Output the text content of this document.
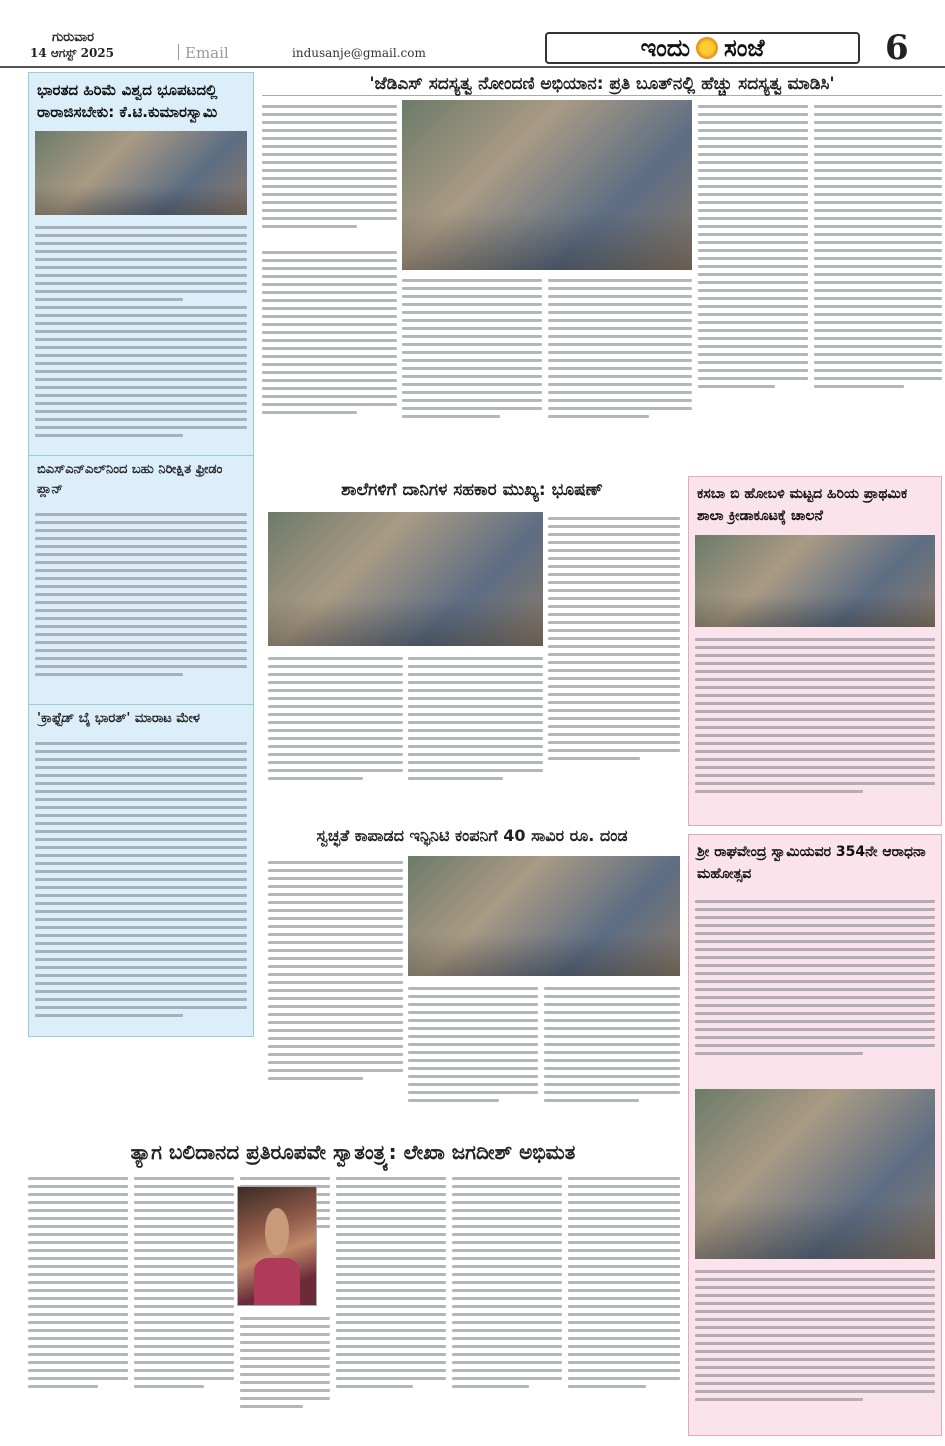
ಗುರುವಾರ
14 ಆಗಸ್ಟ್ 2025	Email	indusanje@gmail.com	ಇಂದು ಸಂಜೆ	6
ಭಾರತದ ಹಿರಿಮೆ ವಿಶ್ವದ ಭೂಪಟದಲ್ಲಿ ರಾರಾಜಿಸಬೇಕು: ಕೆ.ಟಿ.ಕುಮಾರಸ್ವಾಮಿ
ಬಿಎಸ್ಎನ್ಎಲ್‌ನಿಂದ ಬಹು ನಿರೀಕ್ಷಿತ ಫ್ರೀಡಂ ಪ್ಲಾನ್
'ಕ್ರಾಫ್ಟೆಡ್ ಬೈ ಭಾರತ್' ಮಾರಾಟ ಮೇಳ
'ಜೆಡಿಎಸ್ ಸದಸ್ಯತ್ವ ನೋಂದಣಿ ಅಭಿಯಾನ: ಪ್ರತಿ ಬೂತ್‌ನಲ್ಲಿ ಹೆಚ್ಚು ಸದಸ್ಯತ್ವ ಮಾಡಿಸಿ'
ಶಾಲೆಗಳಿಗೆ ದಾನಿಗಳ ಸಹಕಾರ ಮುಖ್ಯ: ಭೂಷಣ್	ಕಸಬಾ ಬಿ ಹೋಬಳಿ ಮಟ್ಟದ ಹಿರಿಯ ಪ್ರಾಥಮಿಕ ಶಾಲಾ ಕ್ರೀಡಾಕೂಟಕ್ಕೆ ಚಾಲನೆ
ಸ್ವಚ್ಛತೆ ಕಾಪಾಡದ ಇನ್ಫಿನಿಟಿ ಕಂಪನಿಗೆ 40 ಸಾವಿರ ರೂ. ದಂಡ
ಶ್ರೀ ರಾಘವೇಂದ್ರ ಸ್ವಾಮಿಯವರ 354ನೇ ಆರಾಧನಾ ಮಹೋತ್ಸವ
ತ್ಯಾಗ ಬಲಿದಾನದ ಪ್ರತಿರೂಪವೇ ಸ್ವಾತಂತ್ರ್ಯ: ಲೇಖಾ ಜಗದೀಶ್ ಅಭಿಮತ
